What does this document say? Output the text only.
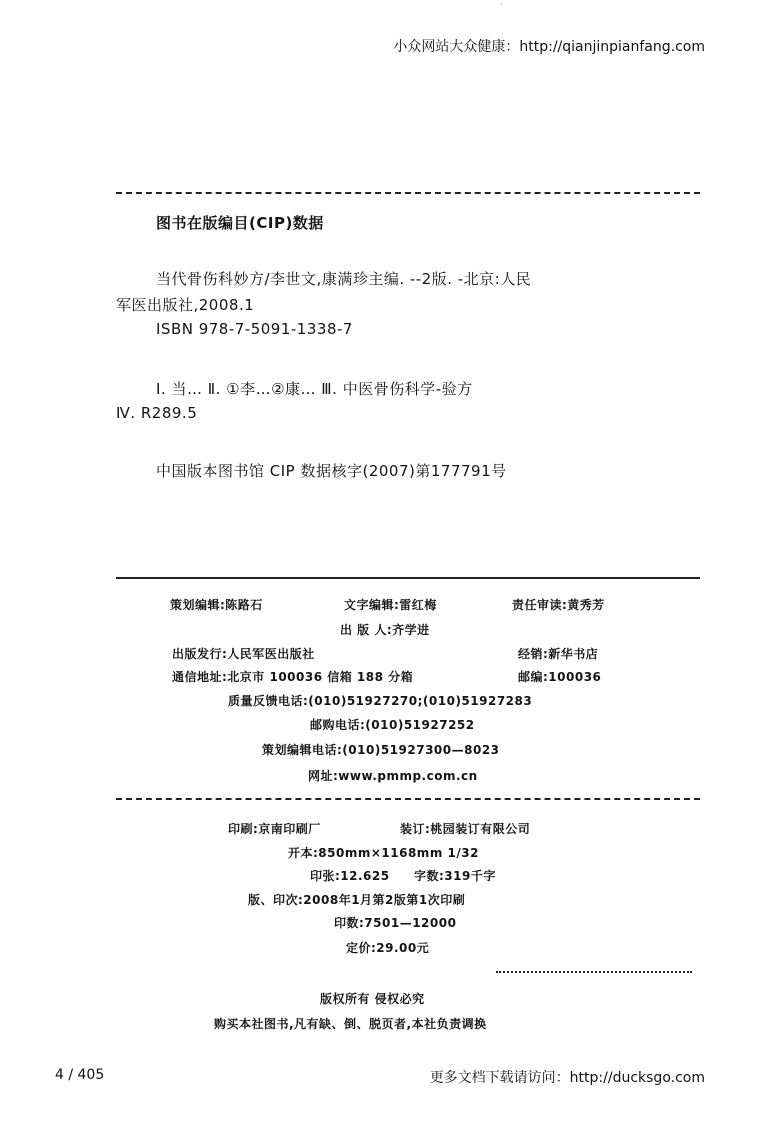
小众网站大众健康：http://qianjinpianfang.com
·
图书在版编目(CIP)数据
当代骨伤科妙方/李世文,康满珍主编. --2版. -北京:人民
军医出版社,2008.1
ISBN 978-7-5091-1338-7
Ⅰ. 当… Ⅱ. ①李…②康… Ⅲ. 中医骨伤科学-验方
Ⅳ. R289.5
中国版本图书馆 CIP 数据核字(2007)第177791号
策划编辑:陈路石	文字编辑:雷红梅	责任审读:黄秀芳
出 版 人:齐学进
出版发行:人民军医出版社	经销:新华书店
通信地址:北京市 100036 信箱 188 分箱	邮编:100036
质量反馈电话:(010)51927270;(010)51927283
邮购电话:(010)51927252
策划编辑电话:(010)51927300—8023
网址:www.pmmp.com.cn
印刷:京南印刷厂	装订:桃园装订有限公司
开本:850mm×1168mm 1/32
印张:12.625 字数:319千字
版、印次:2008年1月第2版第1次印刷
印数:7501—12000
定价:29.00元
版权所有 侵权必究
购买本社图书,凡有缺、倒、脱页者,本社负责调换
4 / 405	更多文档下载请访问：http://ducksgo.com
